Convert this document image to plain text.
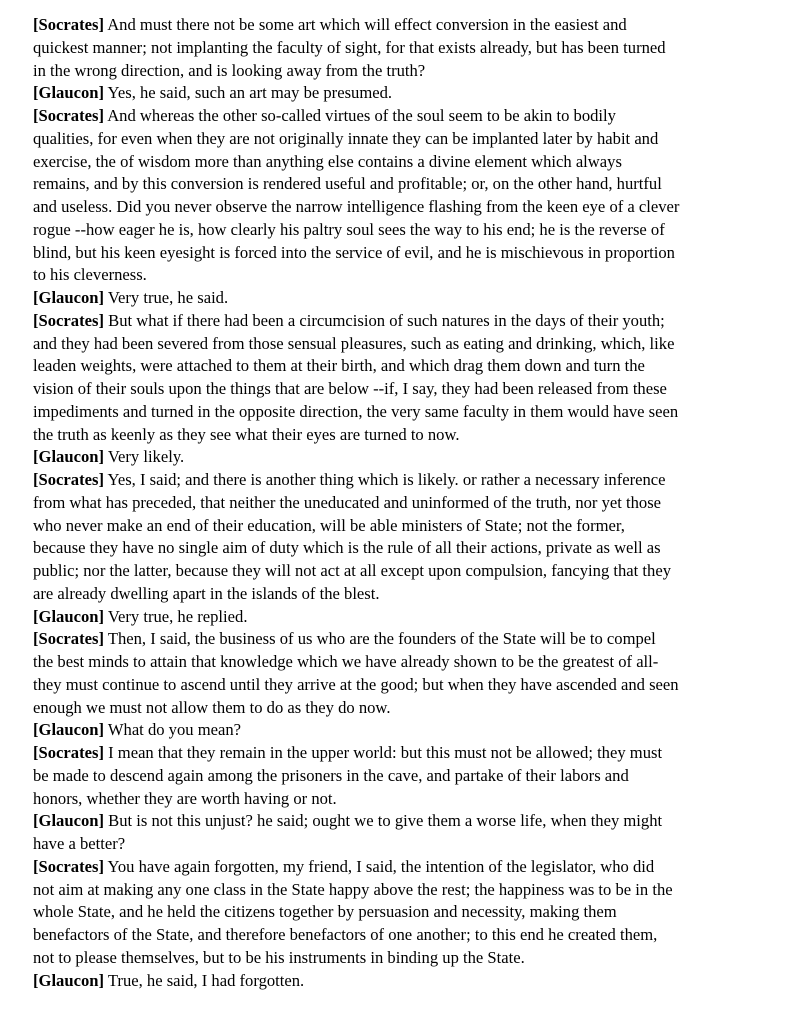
[Socrates] And must there not be some art which will effect conversion in the easiest and
quickest manner; not implanting the faculty of sight, for that exists already, but has been turned
in the wrong direction, and is looking away from the truth?
[Glaucon] Yes, he said, such an art may be presumed.
[Socrates] And whereas the other so-called virtues of the soul seem to be akin to bodily
qualities, for even when they are not originally innate they can be implanted later by habit and
exercise, the of wisdom more than anything else contains a divine element which always
remains, and by this conversion is rendered useful and profitable; or, on the other hand, hurtful
and useless. Did you never observe the narrow intelligence flashing from the keen eye of a clever
rogue --how eager he is, how clearly his paltry soul sees the way to his end; he is the reverse of
blind, but his keen eyesight is forced into the service of evil, and he is mischievous in proportion
to his cleverness.
[Glaucon] Very true, he said.
[Socrates] But what if there had been a circumcision of such natures in the days of their youth;
and they had been severed from those sensual pleasures, such as eating and drinking, which, like
leaden weights, were attached to them at their birth, and which drag them down and turn the
vision of their souls upon the things that are below --if, I say, they had been released from these
impediments and turned in the opposite direction, the very same faculty in them would have seen
the truth as keenly as they see what their eyes are turned to now.
[Glaucon] Very likely.
[Socrates] Yes, I said; and there is another thing which is likely. or rather a necessary inference
from what has preceded, that neither the uneducated and uninformed of the truth, nor yet those
who never make an end of their education, will be able ministers of State; not the former,
because they have no single aim of duty which is the rule of all their actions, private as well as
public; nor the latter, because they will not act at all except upon compulsion, fancying that they
are already dwelling apart in the islands of the blest.
[Glaucon] Very true, he replied.
[Socrates] Then, I said, the business of us who are the founders of the State will be to compel
the best minds to attain that knowledge which we have already shown to be the greatest of all-
they must continue to ascend until they arrive at the good; but when they have ascended and seen
enough we must not allow them to do as they do now.
[Glaucon] What do you mean?
[Socrates] I mean that they remain in the upper world: but this must not be allowed; they must
be made to descend again among the prisoners in the cave, and partake of their labors and
honors, whether they are worth having or not.
[Glaucon] But is not this unjust? he said; ought we to give them a worse life, when they might
have a better?
[Socrates] You have again forgotten, my friend, I said, the intention of the legislator, who did
not aim at making any one class in the State happy above the rest; the happiness was to be in the
whole State, and he held the citizens together by persuasion and necessity, making them
benefactors of the State, and therefore benefactors of one another; to this end he created them,
not to please themselves, but to be his instruments in binding up the State.
[Glaucon] True, he said, I had forgotten.
